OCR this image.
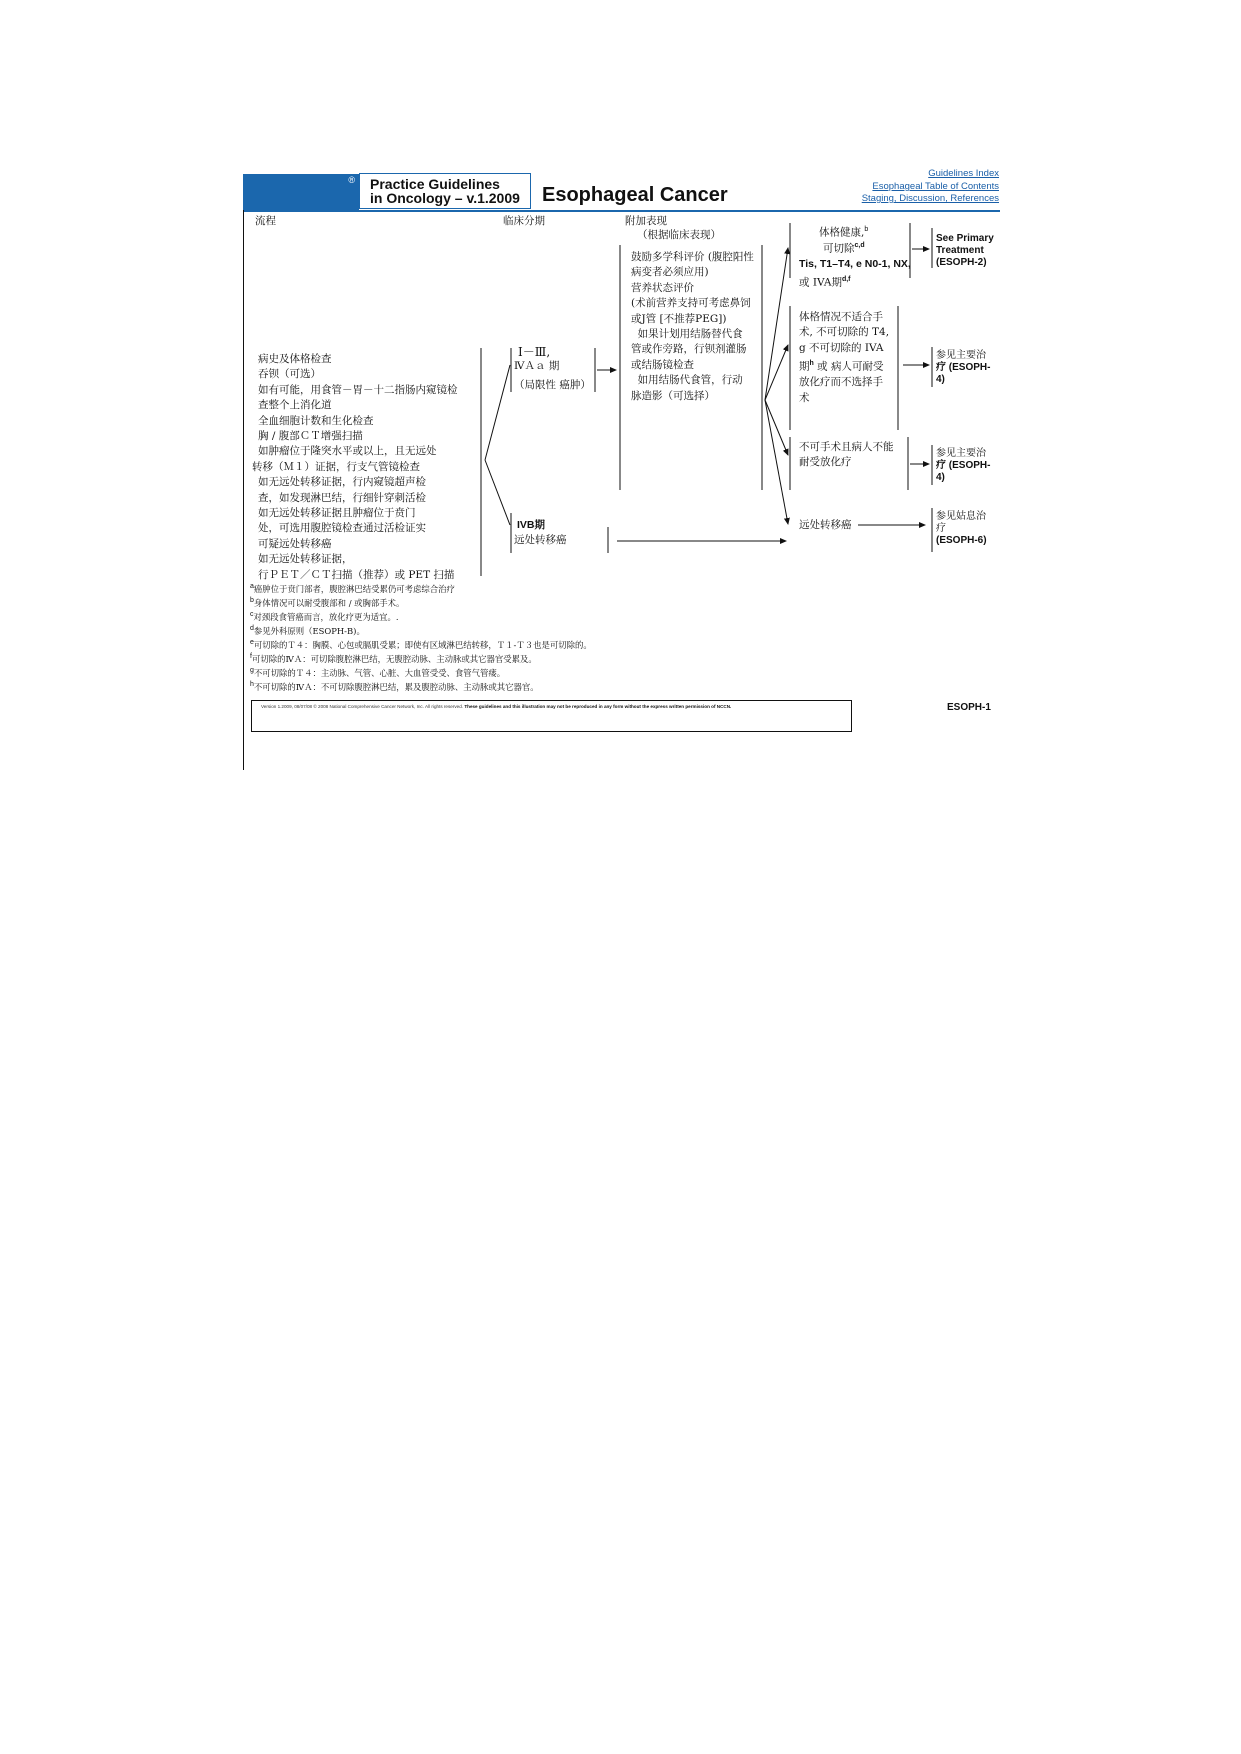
® Practice Guidelines
in Oncology – v.1.2009 Esophageal Cancer
Guidelines Index
Esophageal Table of Contents
Staging, Discussion, References
流程	临床分期	附加表现
（根据临床表现）
病史及体格检查
吞钡（可选）
如有可能，用食管－胃－十二指肠内窥镜检
查整个上消化道
全血细胞计数和生化检查
胸 / 腹部ＣＴ增强扫描
如肿瘤位于隆突水平或以上，且无远处
转移（Ｍ１）证据，行支气管镜检查
如无远处转移证据，行内窥镜超声检
查，如发现淋巴结，行细针穿刺活检
如无远处转移证据且肿瘤位于贲门
处，可选用腹腔镜检查通过活检证实
可疑远处转移癌
如无远处转移证据，
行ＰＥＴ／ＣＴ扫描（推荐）或 PET 扫描
Ⅰ－Ⅲ,
ⅣＡａ 期
（局限性 癌肿）
IVB期
远处转移癌
鼓励多学科评价 (腹腔阳性
病变者必须应用)
营养状态评价
(术前营养支持可考虑鼻饲
或J管 [不推荐PEG])
如果计划用结肠替代食
管或作旁路，行钡剂灌肠
或结肠镜检查
如用结肠代食管，行动
脉造影（可选择）
体格健康,$^b$
可切除$^{c,d}$
Tis, T1–T4, e N0-1, NX,
或 IVA期$^{d,f}$
体格情况不适合手
术, 不可切除的 T4,
g 不可切除的 IVA
期$^h$ 或 病人可耐受
放化疗而不选择手
术
不可手术且病人不能
耐受放化疗
远处转移癌
See Primary
Treatment
(ESOPH-2)
参见主要治
疗 (ESOPH-
4)
参见主要治
疗 (ESOPH-
4)
参见姑息治
疗
(ESOPH-6)
$^a$癌肿位于贲门部者，腹腔淋巴结受累仍可考虑综合治疗
$^b$身体情况可以耐受腹部和 / 或胸部手术。
$^c$对颈段食管癌而言，放化疗更为适宜。.
$^d$参见外科原则（ESOPH-B)。
$^e$可切除的Ｔ４：胸膜、心包或膈肌受累；即使有区域淋巴结转移，Ｔ１-Ｔ３也是可切除的。
$^f$可切除的ⅣＡ：可切除腹腔淋巴结，无腹腔动脉、主动脉或其它器官受累及。
$^g$不可切除的Ｔ４：主动脉、气管、心脏、大血管受受、食管气管瘘。
$^h$不可切除的ⅣＡ：不可切除腹腔淋巴结，累及腹腔动脉、主动脉或其它器官。
Version 1.2009, 08/07/08 © 2008 National Comprehensive Cancer Network, Inc. All rights reserved. These guidelines and this illustration may not be reproduced in any form without the express written permission of NCCN.	ESOPH-1
